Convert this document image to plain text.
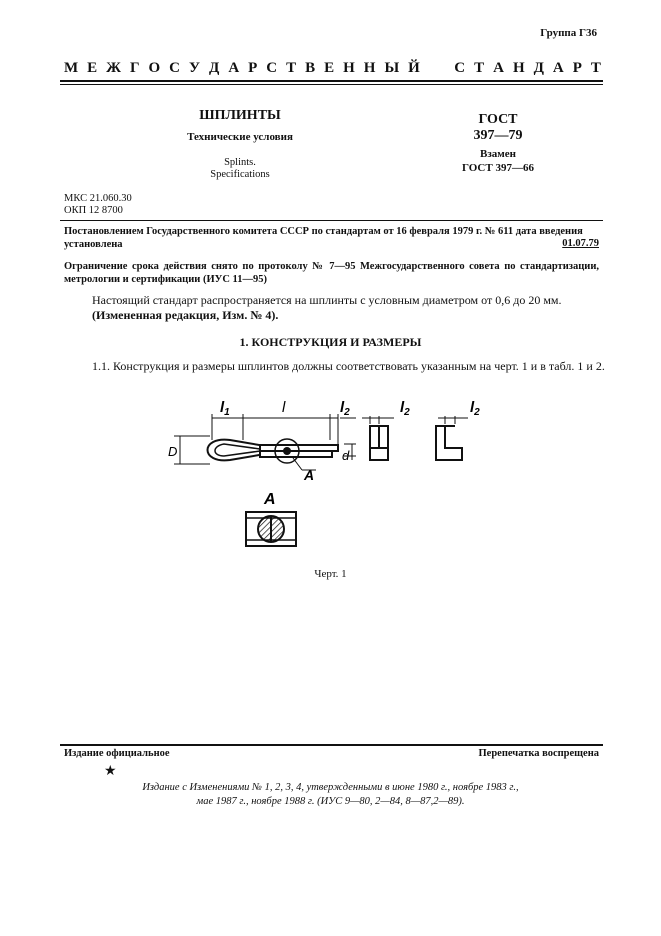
Группа Г36
М Е Ж Г О С У Д А Р С Т В Е Н Н Ы Й

С Т А Н Д А Р Т
ШПЛИНТЫ
Технические условия
Splints.
Specifications
ГОСТ
397—79
Взамен
ГОСТ 397—66
МКС 21.060.30
ОКП 12 8700
Постановлением Государственного комитета СССР по стандартам от 16 февраля 1979 г. № 611 дата введения установлена	01.07.79
Ограничение срока действия снято по протоколу № 7—95 Межгосударственного совета по стандартизации, метрологии и сертификации (ИУС 11—95)
Настоящий стандарт распространяется на шплинты с условным диаметром от 0,6 до 20 мм.
(Измененная редакция, Изм. № 4).
1. КОНСТРУКЦИЯ И РАЗМЕРЫ
1.1. Конструкция и размеры шплинтов должны соответствовать указанным на черт. 1 и в табл. 1 и 2.
$l_1$	l	$l_2$	$l_2$	$l_2$
D	d
A
A
Черт. 1
Издание официальное	Перепечатка воспрещена
★
Издание с Изменениями № 1, 2, 3, 4, утвержденными в июне 1980 г., ноябре 1983 г.,
мае 1987 г., ноябре 1988 г. (ИУС 9—80, 2—84, 8—87,2—89).
